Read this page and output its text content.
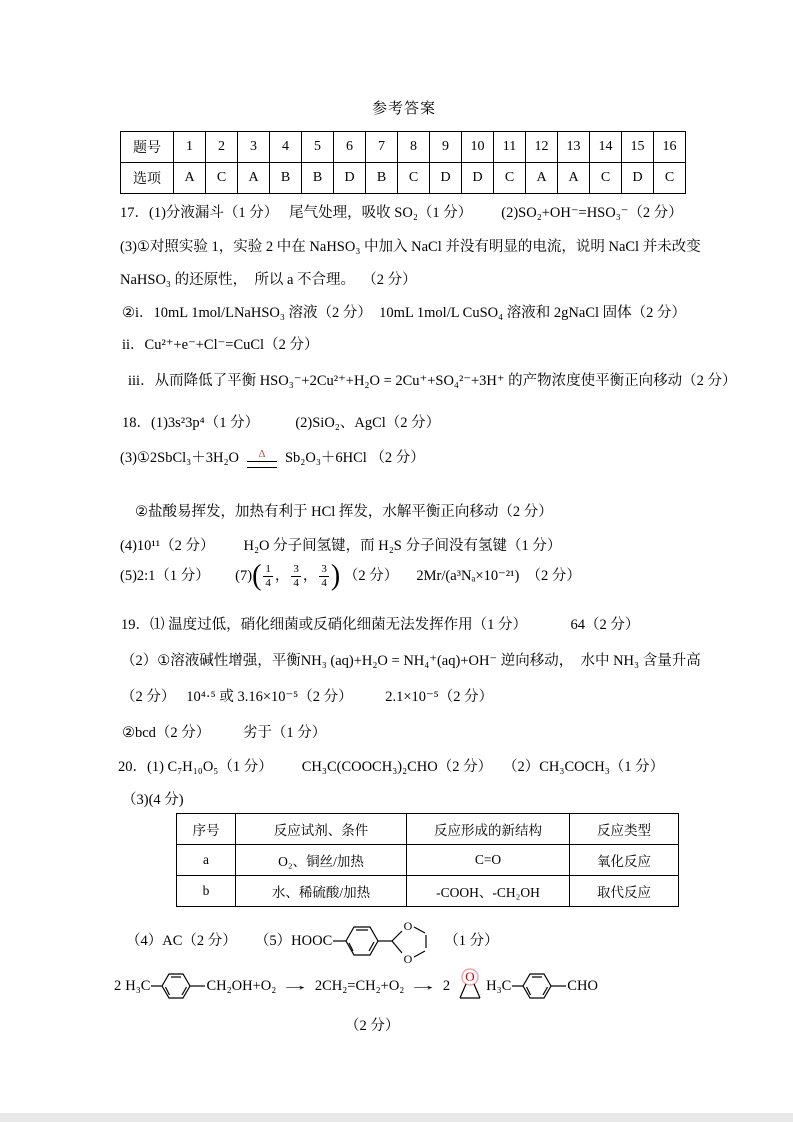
参考答案
题号	1	2	3	4	5	6	7	8	9	10	11	12	13	14	15	16
选项	A	C	A	B	B	D	B	C	D	D	C	A	A	C	D	C
17．(1)分液漏斗（1 分）   尾气处理，吸收 SO₂（1 分）        (2)SO₂+OH⁻=HSO₃⁻（2 分）
(3)①对照实验 1，实验 2 中在 NaHSO₃ 中加入 NaCl 并没有明显的电流，说明 NaCl 并未改变
NaHSO₃ 的还原性，  所以 a 不合理。  （2 分）
②i．10mL 1mol/LNaHSO₃ 溶液（2 分）  10mL 1mol/L CuSO₄ 溶液和 2gNaCl 固体（2 分）
ii．Cu²⁺+e⁻+Cl⁻=CuCl（2 分）
iii．从而降低了平衡 HSO₃⁻+2Cu²⁺+H₂O = 2Cu⁺+SO₄²⁻+3H⁺ 的产物浓度使平衡正向移动（2 分）
18．(1)3s²3p⁴（1 分）          (2)SiO₂、AgCl（2 分）
(3)①2SbCl₃＋3H₂O Δ Sb₂O₃＋6HCl （2 分）
②盐酸易挥发，加热有利于 HCl 挥发，水解平衡正向移动（2 分）
(4)10¹¹（2 分）        H₂O 分子间氢键，而 H₂S 分子间没有氢键（1 分）
(5)2:1（1 分）       (7) ( $\frac{1}{4}$ ， $\frac{3}{4}$ ， $\frac{3}{4}$ ) （2 分）     2Mr/(a³Nₐ×10⁻²¹)  （2 分）
19．⑴ 温度过低，硝化细菌或反硝化细菌无法发挥作用（1 分）            64（2 分）
（2）①溶液碱性增强，平衡NH₃ (aq)+H₂O = NH₄⁺(aq)+OH⁻ 逆向移动，  水中 NH₃ 含量升高
（2 分）   10⁴·⁵ 或 3.16×10⁻⁵（2 分）         2.1×10⁻⁵（2 分）
②bcd（2 分）         劣于（1 分）
20．(1) C₇H₁₀O₅（1 分）        CH₃C(COOCH₃)₂CHO（2 分）   （2）CH₃COCH₃（1 分）
（3)(4 分)
序号	反应试剂、条件	反应形成的新结构	反应类型
a	O₂、铜丝/加热	C=O	氧化反应
b	水、稀硫酸/加热	-COOH、-CH₂OH	取代反应
（4）AC（2 分）     （5） HOOC
O
O
（1 分）
2 H₃C	CH₂OH+O₂ → 2CH₂=CH₂+O₂ → 2
O
H₃C	CHO
（2 分）
